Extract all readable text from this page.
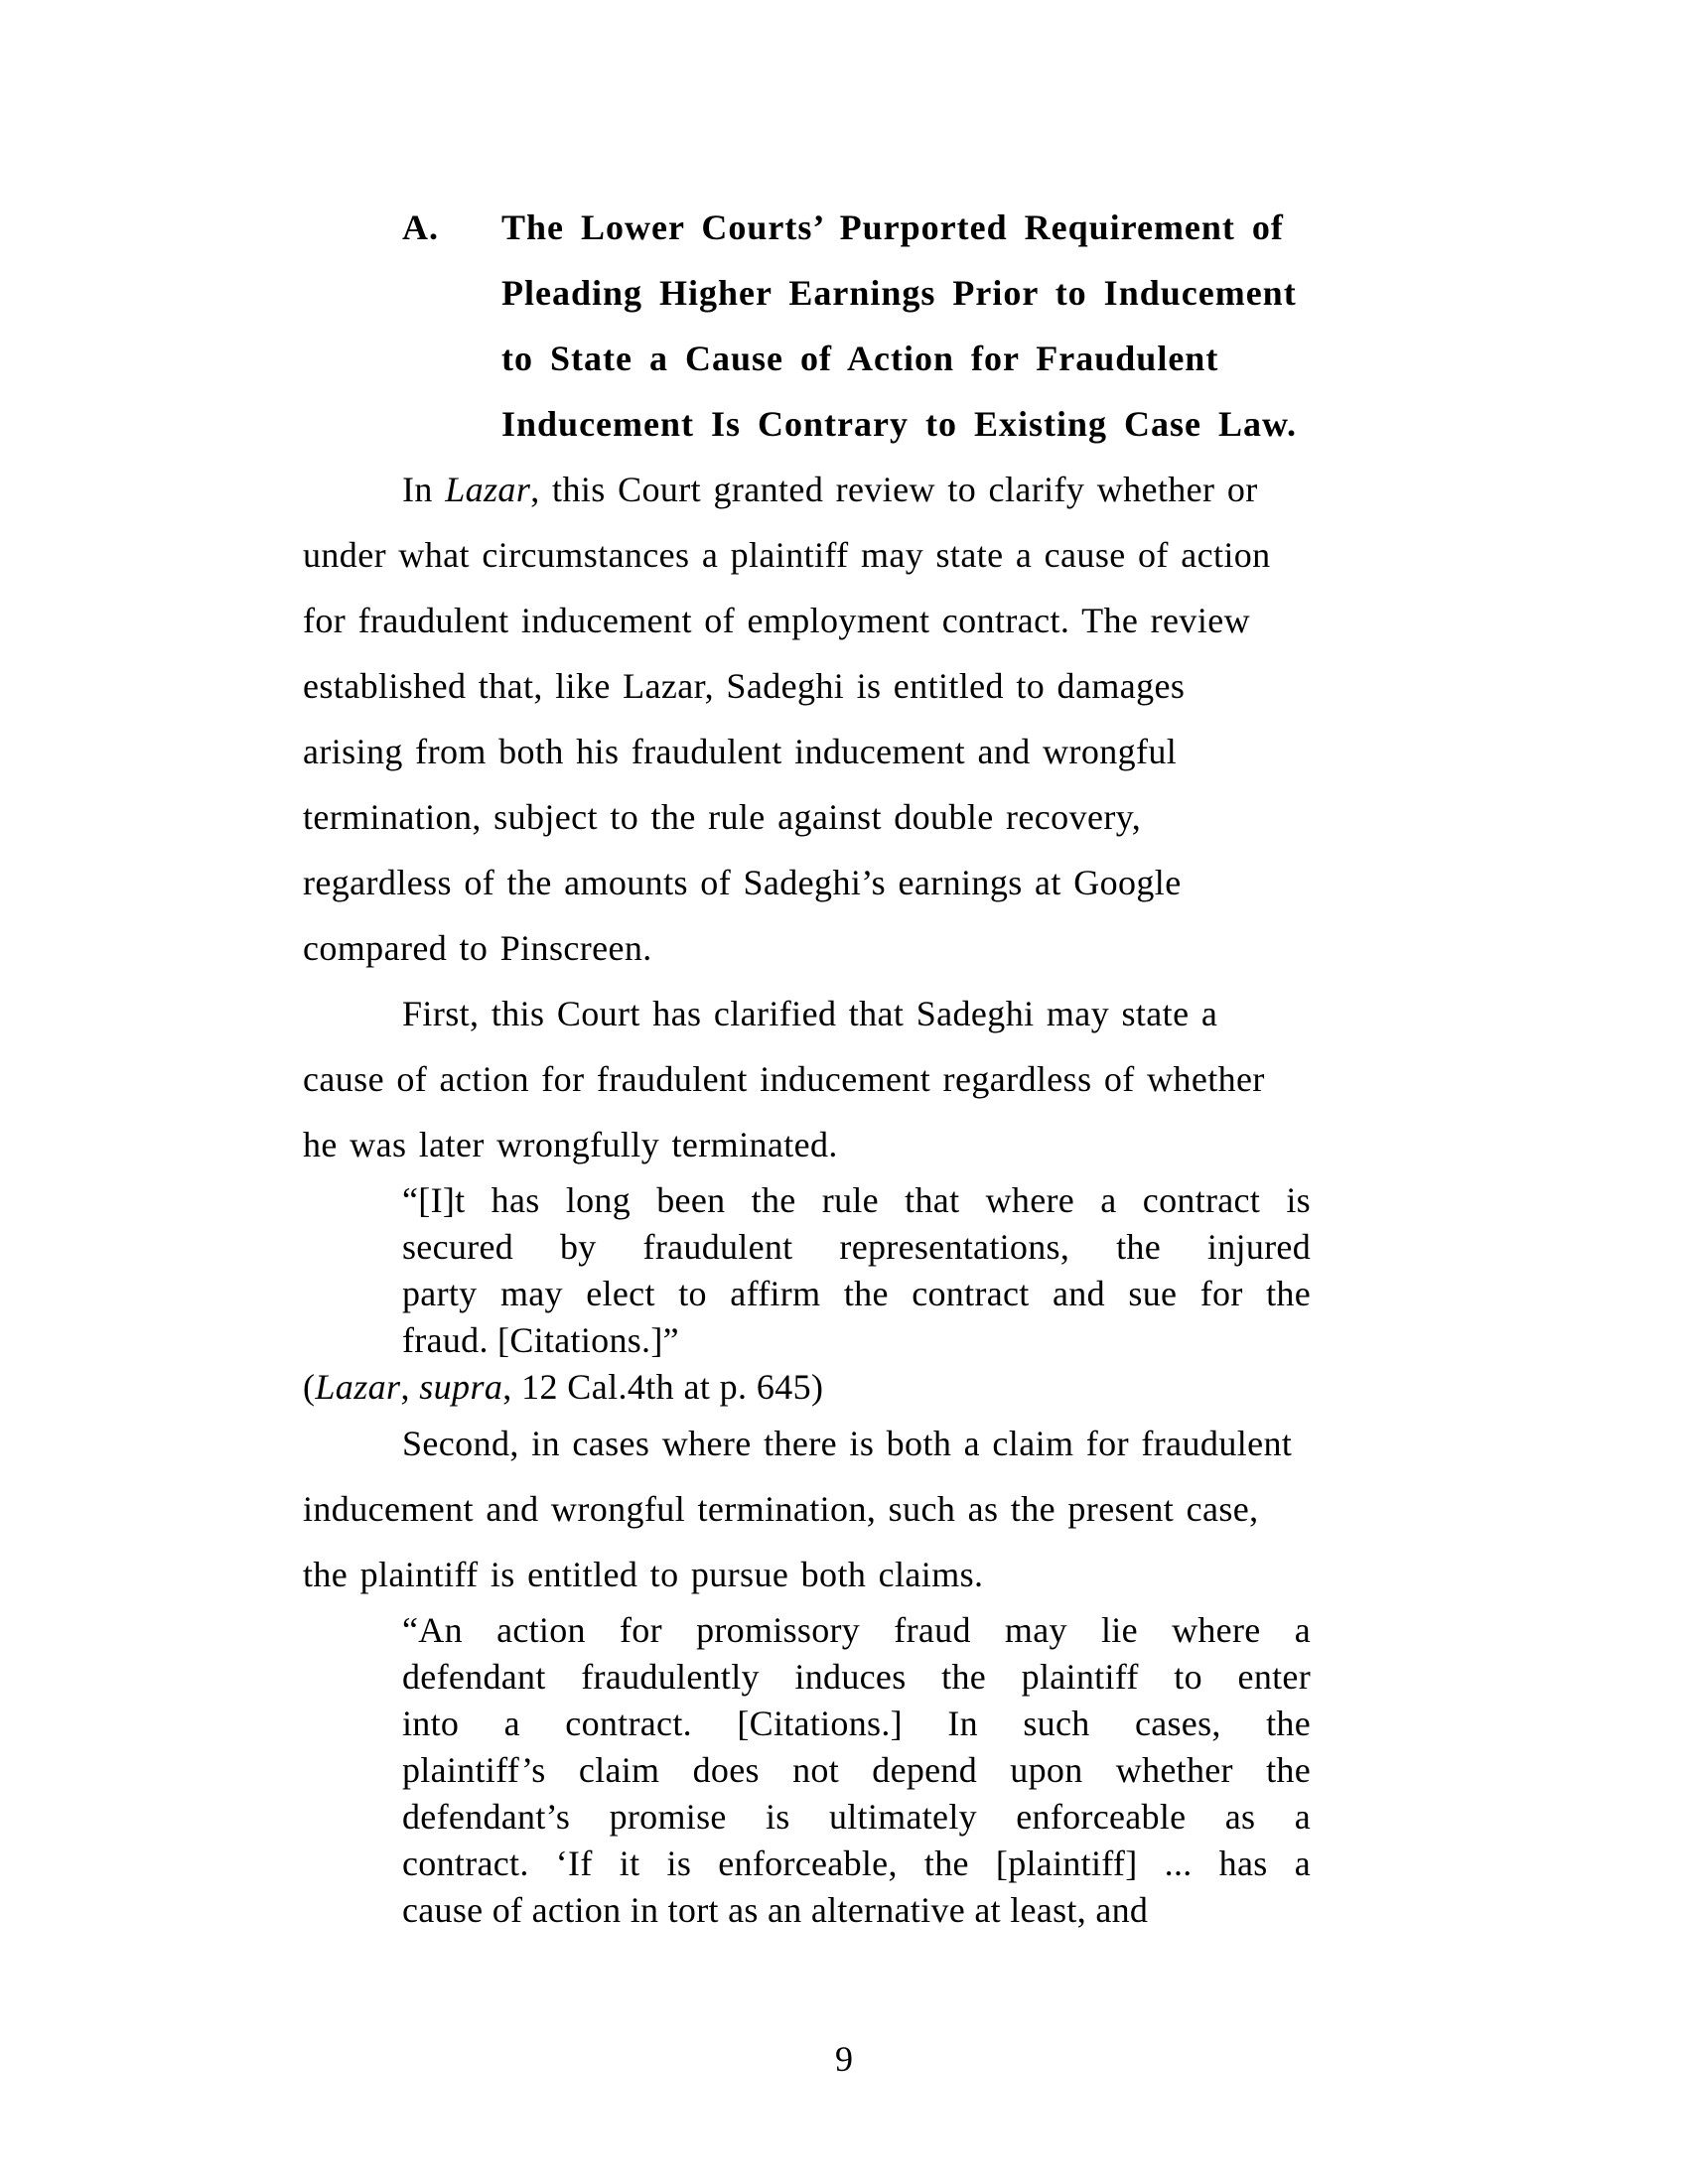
A.	The Lower Courts’ Purported Requirement of
Pleading Higher Earnings Prior to Inducement
to State a Cause of Action for Fraudulent
Inducement Is Contrary to Existing Case Law.
In Lazar, this Court granted review to clarify whether or
under what circumstances a plaintiff may state a cause of action
for fraudulent inducement of employment contract. The review
established that, like Lazar, Sadeghi is entitled to damages
arising from both his fraudulent inducement and wrongful
termination, subject to the rule against double recovery,
regardless of the amounts of Sadeghi’s earnings at Google
compared to Pinscreen.
First, this Court has clarified that Sadeghi may state a
cause of action for fraudulent inducement regardless of whether
he was later wrongfully terminated.
“[I]t has long been the rule that where a contract is
secured by fraudulent representations, the injured
party may elect to affirm the contract and sue for the
fraud. [Citations.]”
(Lazar, supra, 12 Cal.4th at p. 645)
Second, in cases where there is both a claim for fraudulent
inducement and wrongful termination, such as the present case,
the plaintiff is entitled to pursue both claims.
“An action for promissory fraud may lie where a
defendant fraudulently induces the plaintiff to enter
into a contract. [Citations.] In such cases, the
plaintiff’s claim does not depend upon whether the
defendant’s promise is ultimately enforceable as a
contract. ‘If it is enforceable, the [plaintiff] ... has a
cause of action in tort as an alternative at least, and
9
